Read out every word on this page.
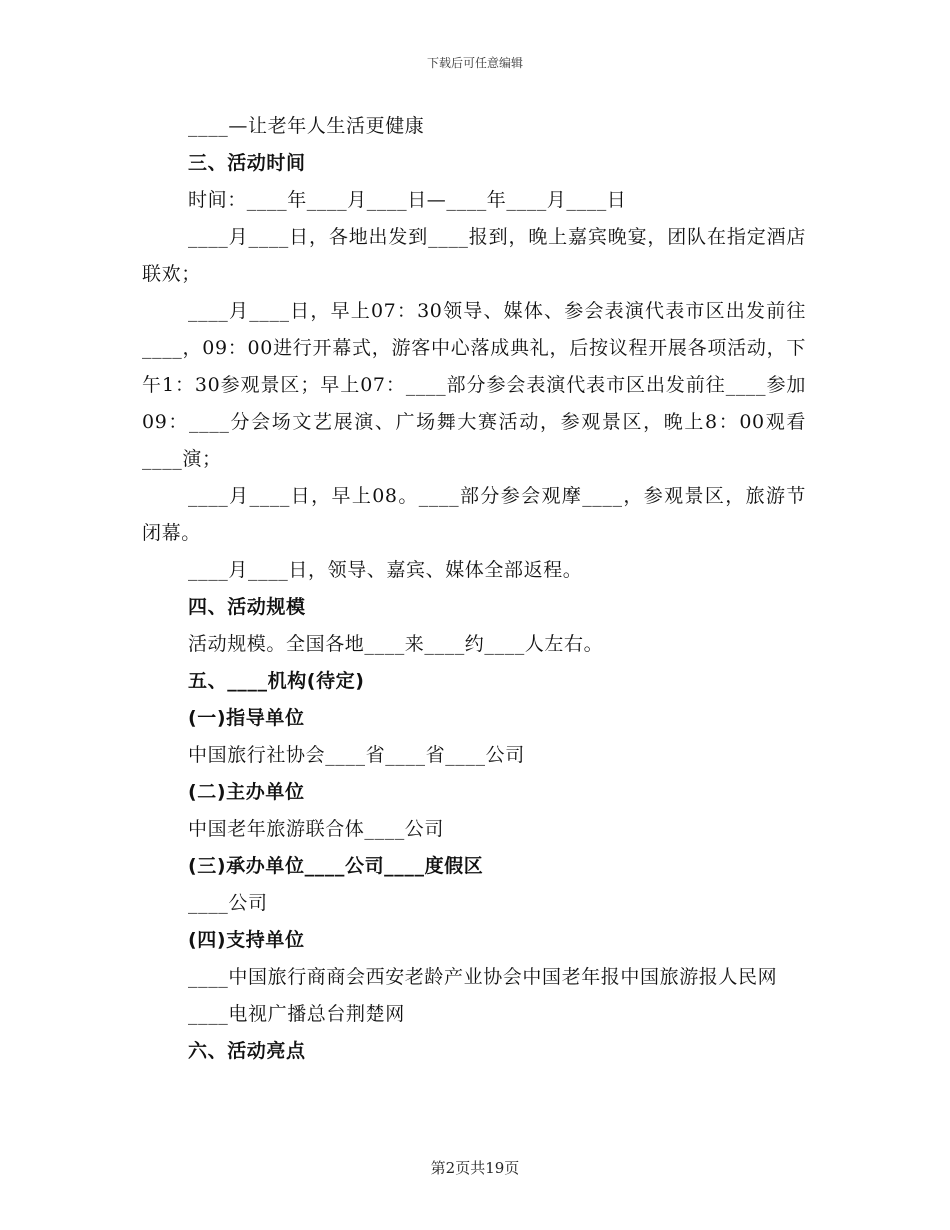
下载后可任意编辑

____—让老年人生活更健康

三、活动时间

时间：____年____月____日—____年____月____日

____月____日，各地出发到____报到，晚上嘉宾晚宴，团队在指定酒店联欢；

____月____日，早上07：30领导、媒体、参会表演代表市区出发前往____，09：00进行开幕式，游客中心落成典礼，后按议程开展各项活动，下午1：30参观景区；早上07：____部分参会表演代表市区出发前往____参加09：____分会场文艺展演、广场舞大赛活动，参观景区，晚上8：00观看____演；

____月____日，早上08。____部分参会观摩____，参观景区，旅游节闭幕。

____月____日，领导、嘉宾、媒体全部返程。

四、活动规模

活动规模。全国各地____来____约____人左右。

五、____机构(待定)

(一)指导单位

中国旅行社协会____省____省____公司

(二)主办单位

中国老年旅游联合体____公司

(三)承办单位____公司____度假区

____公司

(四)支持单位

____中国旅行商商会西安老龄产业协会中国老年报中国旅游报人民网

____电视广播总台荆楚网

六、活动亮点

第2页共19页
